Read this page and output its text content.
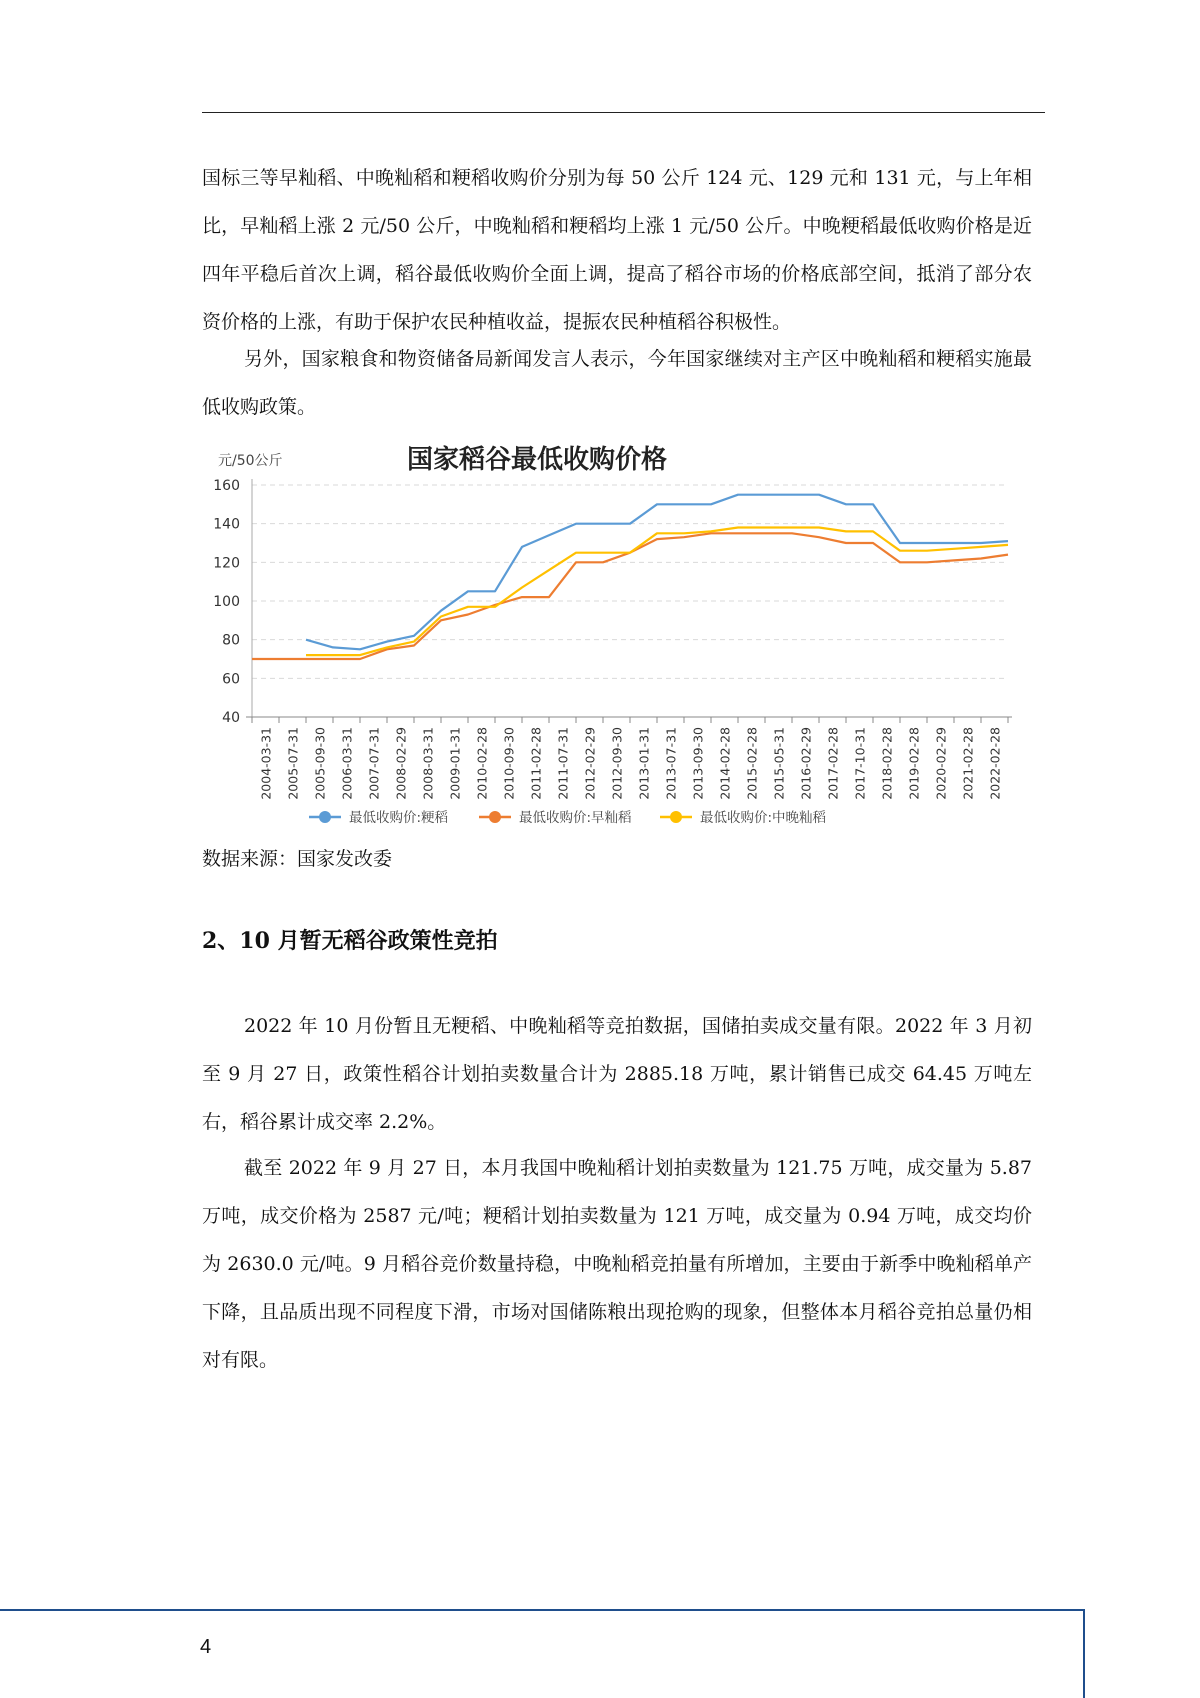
国标三等早籼稻、中晚籼稻和粳稻收购价分别为每 50 公斤 124 元、129 元和 131 元，与上年相比，早籼稻上涨 2 元/50 公斤，中晚籼稻和粳稻均上涨 1 元/50 公斤。中晚粳稻最低收购价格是近四年平稳后首次上调，稻谷最低收购价全面上调，提高了稻谷市场的价格底部空间，抵消了部分农资价格的上涨，有助于保护农民种植收益，提振农民种植稻谷积极性。

另外，国家粮食和物资储备局新闻发言人表示，今年国家继续对主产区中晚籼稻和粳稻实施最低收购政策。

国家稻谷最低收购价格
元/50公斤
40
60
80
100
120
140
160
2004-03-31 2005-07-31 2005-09-30 2006-03-31 2007-07-31 2008-02-29 2008-03-31 2009-01-31 2010-02-28 2010-09-30 2011-02-28 2011-07-31 2012-02-29 2012-09-30 2013-01-31 2013-07-31 2013-09-30 2014-02-28 2015-02-28 2015-05-31 2016-02-29 2017-02-28 2017-10-31 2018-02-28 2019-02-28 2020-02-29 2021-02-28 2022-02-28
最低收购价:粳稻	最低收购价:早籼稻	最低收购价:中晚籼稻
数据来源：国家发改委
2、10 月暂无稻谷政策性竞拍

2022 年 10 月份暂且无粳稻、中晚籼稻等竞拍数据，国储拍卖成交量有限。2022 年 3 月初至 9 月 27 日，政策性稻谷计划拍卖数量合计为 2885.18 万吨，累计销售已成交 64.45 万吨左右，稻谷累计成交率 2.2%。

截至 2022 年 9 月 27 日，本月我国中晚籼稻计划拍卖数量为 121.75 万吨，成交量为 5.87 万吨，成交价格为 2587 元/吨；粳稻计划拍卖数量为 121 万吨，成交量为 0.94 万吨，成交均价为 2630.0 元/吨。9 月稻谷竞价数量持稳，中晚籼稻竞拍量有所增加，主要由于新季中晚籼稻单产下降，且品质出现不同程度下滑，市场对国储陈粮出现抢购的现象，但整体本月稻谷竞拍总量仍相对有限。

4
